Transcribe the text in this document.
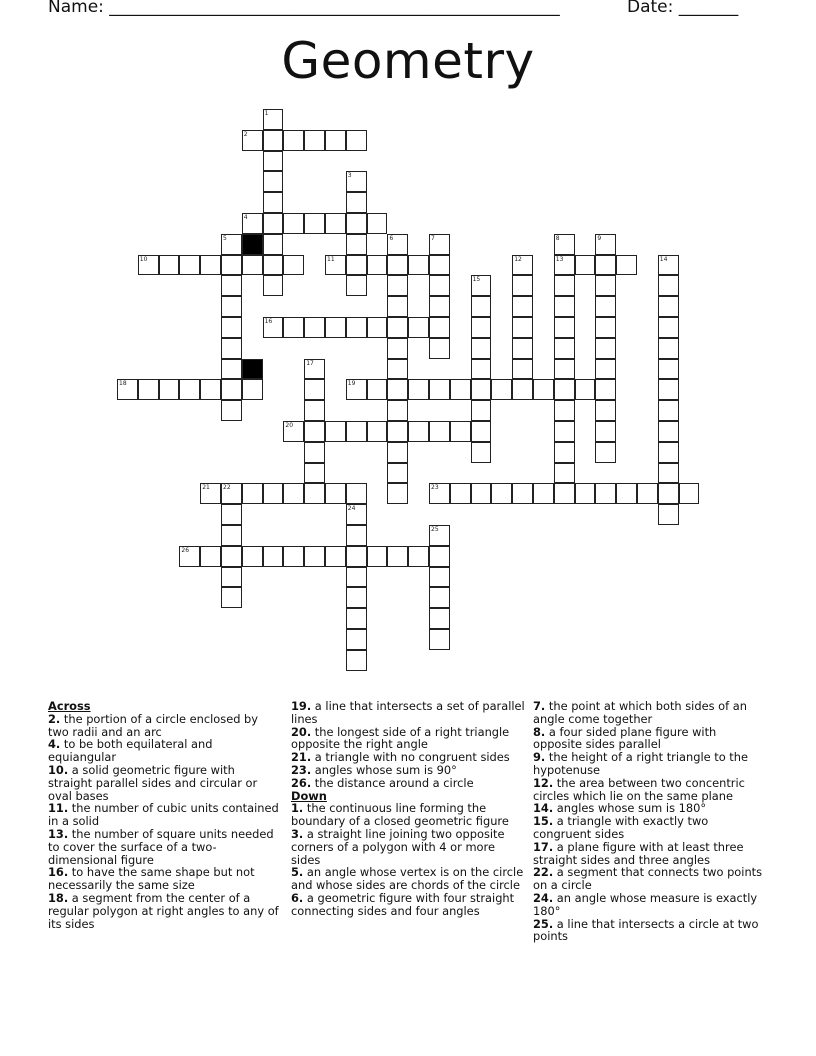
Name: _____________________________________________________	Date: _______
Geometry
1
2
3
4
5	6	7	8
13
9
10	11	12	14
15
16
17
18	19
20
21 22	23
24
25
26
Across
2. the portion of a circle enclosed by two radii and an arc
4. to be both equilateral and equiangular
10. a solid geometric figure with straight parallel sides and circular or oval bases
11. the number of cubic units contained in a solid
13. the number of square units needed to cover the surface of a two-dimensional figure
16. to have the same shape but not necessarily the same size
18. a segment from the center of a regular polygon at right angles to any of its sides
19. a line that intersects a set of parallel lines
20. the longest side of a right triangle opposite the right angle
21. a triangle with no congruent sides
23. angles whose sum is 90°
26. the distance around a circle
Down
1. the continuous line forming the boundary of a closed geometric figure
3. a straight line joining two opposite corners of a polygon with 4 or more sides
5. an angle whose vertex is on the circle and whose sides are chords of the circle
6. a geometric figure with four straight connecting sides and four angles
7. the point at which both sides of an angle come together
8. a four sided plane figure with opposite sides parallel
9. the height of a right triangle to the hypotenuse
12. the area between two concentric circles which lie on the same plane
14. angles whose sum is 180°
15. a triangle with exactly two congruent sides
17. a plane figure with at least three straight sides and three angles
22. a segment that connects two points on a circle
24. an angle whose measure is exactly 180°
25. a line that intersects a circle at two points
